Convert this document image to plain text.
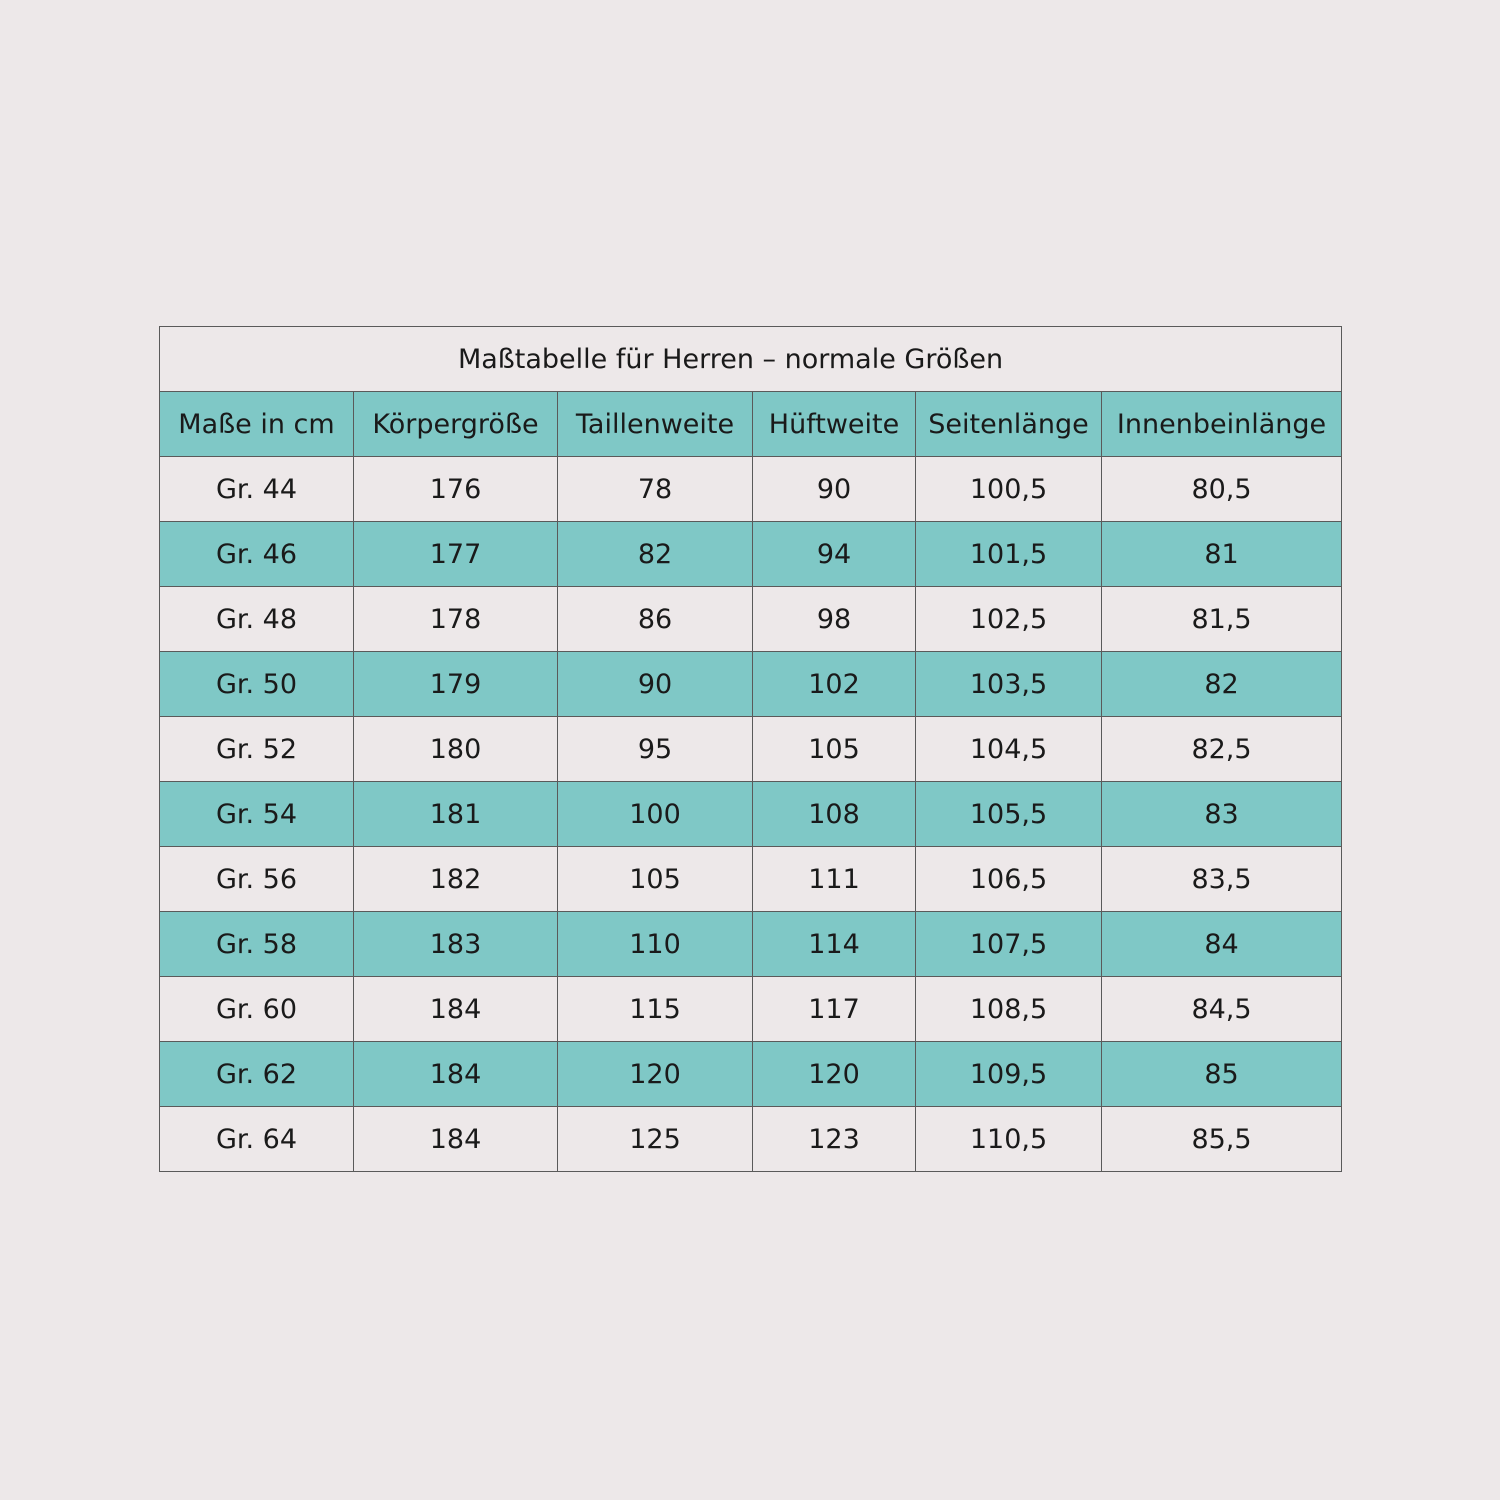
Maßtabelle für Herren – normale Größen					
Maße in cm	Körpergröße	Taillenweite	Hüftweite	Seitenlänge	Innenbeinlänge
Gr. 44	176	78	90	100,5	80,5
Gr. 46	177	82	94	101,5	81
Gr. 48	178	86	98	102,5	81,5
Gr. 50	179	90	102	103,5	82
Gr. 52	180	95	105	104,5	82,5
Gr. 54	181	100	108	105,5	83
Gr. 56	182	105	111	106,5	83,5
Gr. 58	183	110	114	107,5	84
Gr. 60	184	115	117	108,5	84,5
Gr. 62	184	120	120	109,5	85
Gr. 64	184	125	123	110,5	85,5
